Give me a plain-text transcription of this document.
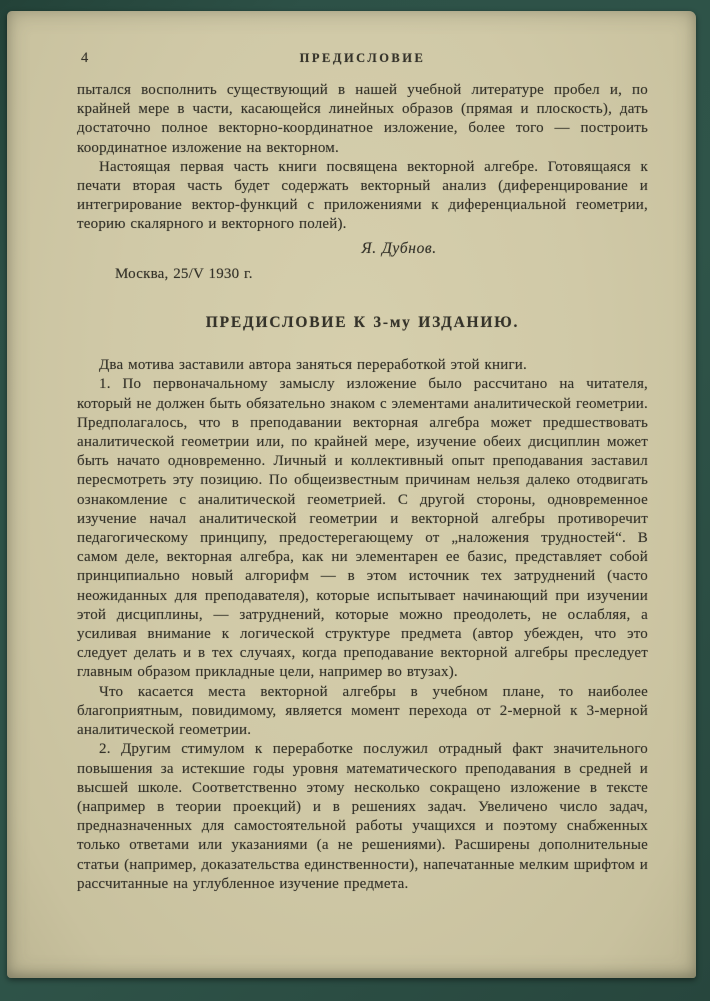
4	ПРЕДИСЛОВИЕ

пытался восполнить существующий в нашей учебной литературе пробел и, по крайней мере в части, касающейся линейных образов (прямая и плоскость), дать достаточно полное векторно-координатное изложение, более того — построить координатное изложение на векторном.

Настоящая первая часть книги посвящена векторной алгебре. Готовящаяся к печати вторая часть будет содержать векторный анализ (диференцирование и интегрирование вектор-функций с приложениями к диференциальной геометрии, теорию скалярного и векторного полей).

Я. Дубнов.
Москва, 25/V 1930 г.
ПРЕДИСЛОВИЕ К 3-му ИЗДАНИЮ.

Два мотива заставили автора заняться переработкой этой книги.

1. По первоначальному замыслу изложение было рассчитано на читателя, который не должен быть обязательно знаком с элементами аналитической геометрии. Предполагалось, что в преподавании векторная алгебра может предшествовать аналитической геометрии или, по крайней мере, изучение обеих дисциплин может быть начато одновременно. Личный и коллективный опыт преподавания заставил пересмотреть эту позицию. По общеизвестным причинам нельзя далеко отодвигать ознакомление с аналитической геометрией. С другой стороны, одновременное изучение начал аналитической геометрии и векторной алгебры противоречит педагогическому принципу, предостерегающему от „наложения трудностей“. В самом деле, векторная алгебра, как ни элементарен ее базис, представляет собой принципиально новый алгорифм — в этом источник тех затруднений (часто неожиданных для преподавателя), которые испытывает начинающий при изучении этой дисциплины, — затруднений, которые можно преодолеть, не ослабляя, а усиливая внимание к логической структуре предмета (автор убежден, что это следует делать и в тех случаях, когда преподавание векторной алгебры преследует главным образом прикладные цели, например во втузах).

Что касается места векторной алгебры в учебном плане, то наиболее благоприятным, повидимому, является момент перехода от 2-мерной к 3-мерной аналитической геометрии.

2. Другим стимулом к переработке послужил отрадный факт значительного повышения за истекшие годы уровня математического преподавания в средней и высшей школе. Соответственно этому несколько сокращено изложение в тексте (например в теории проекций) и в решениях задач. Увеличено число задач, предназначенных для самостоятельной работы учащихся и поэтому снабженных только ответами или указаниями (а не решениями). Расширены дополнительные статьи (например, доказательства единственности), напечатанные мелким шрифтом и рассчитанные на углубленное изучение предмета.
